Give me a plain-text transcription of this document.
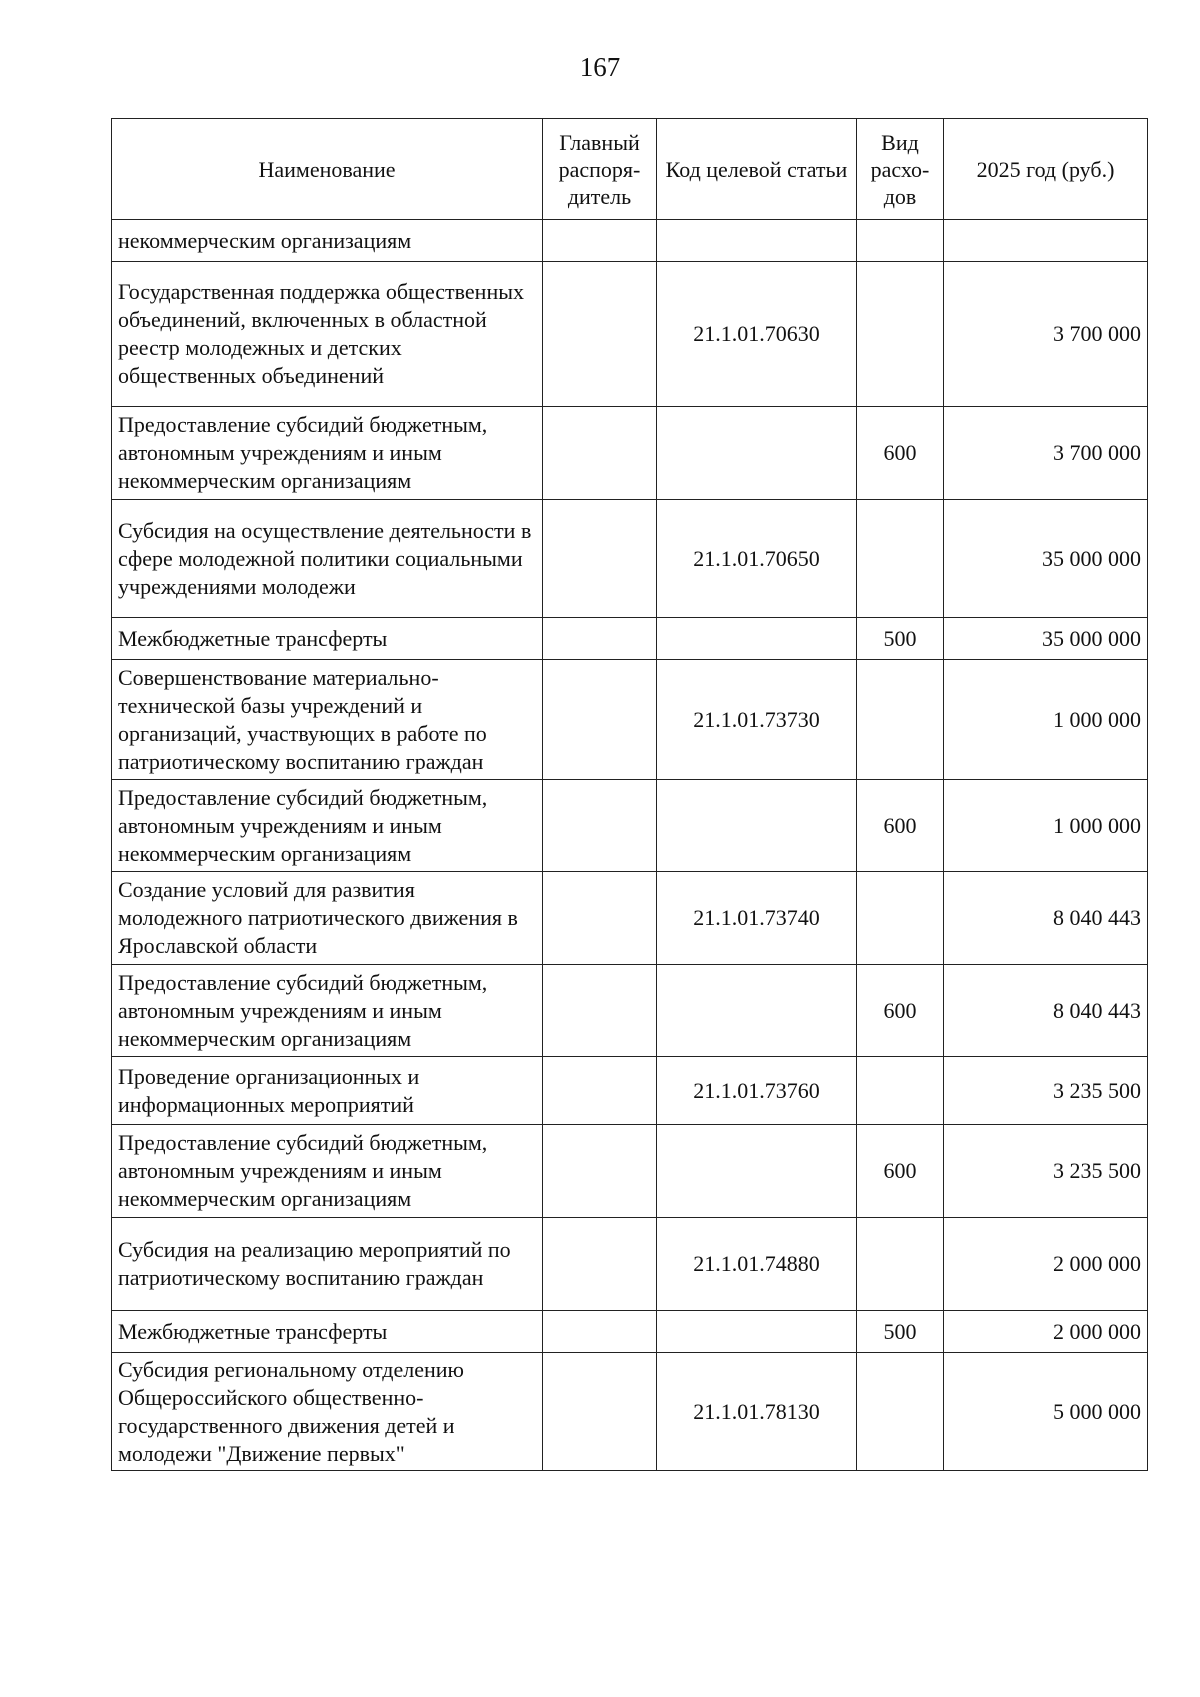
167
Наименование	Главный распоря-дитель	Код целевой статьи	Вид расхо-дов	2025 год (руб.)
некоммерческим организациям				
Государственная поддержка общественных объединений, включенных в областной реестр молодежных и детских общественных объединений		21.1.01.70630		3 700 000
Предоставление субсидий бюджетным, автономным учреждениям и иным некоммерческим организациям			600	3 700 000
Субсидия на осуществление деятельности в сфере молодежной политики социальными учреждениями молодежи		21.1.01.70650		35 000 000
Межбюджетные трансферты			500	35 000 000
Совершенствование материально-технической базы учреждений и организаций, участвующих в работе по патриотическому воспитанию граждан		21.1.01.73730		1 000 000
Предоставление субсидий бюджетным, автономным учреждениям и иным некоммерческим организациям			600	1 000 000
Создание условий для развития молодежного патриотического движения в Ярославской области		21.1.01.73740		8 040 443
Предоставление субсидий бюджетным, автономным учреждениям и иным некоммерческим организациям			600	8 040 443
Проведение организационных и информационных мероприятий		21.1.01.73760		3 235 500
Предоставление субсидий бюджетным, автономным учреждениям и иным некоммерческим организациям			600	3 235 500
Субсидия на реализацию мероприятий по патриотическому воспитанию граждан		21.1.01.74880		2 000 000
Межбюджетные трансферты			500	2 000 000
Субсидия региональному отделению Общероссийского общественно-государственного движения детей и молодежи "Движение первых"		21.1.01.78130		5 000 000
